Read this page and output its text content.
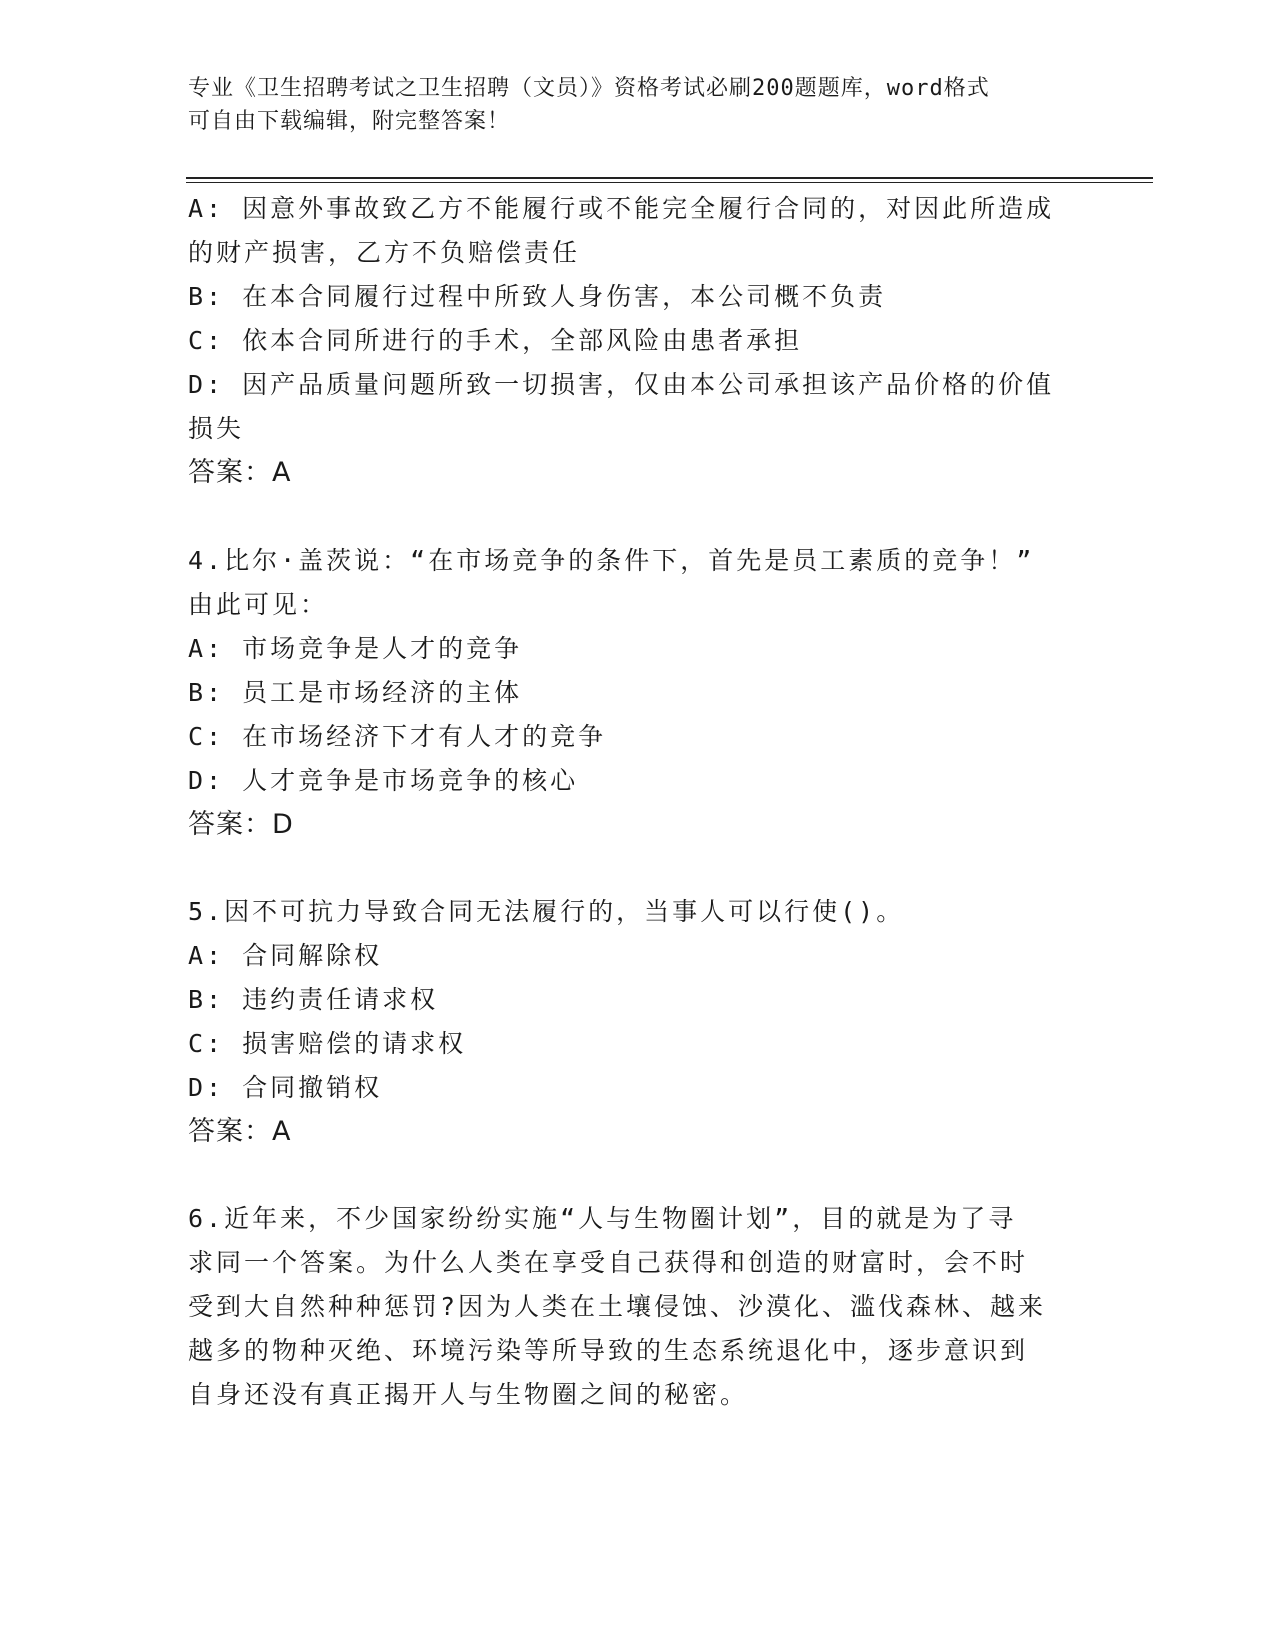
专业《卫生招聘考试之卫生招聘（文员）》资格考试必刷200题题库，word格式
可自由下载编辑，附完整答案！
A: 因意外事故致乙方不能履行或不能完全履行合同的，对因此所造成
的财产损害，乙方不负赔偿责任
B: 在本合同履行过程中所致人身伤害，本公司概不负责
C: 依本合同所进行的手术，全部风险由患者承担
D: 因产品质量问题所致一切损害，仅由本公司承担该产品价格的价值
损失
答案：A
4.比尔·盖茨说：“在市场竞争的条件下，首先是员工素质的竞争！”
由此可见：
A: 市场竞争是人才的竞争
B: 员工是市场经济的主体
C: 在市场经济下才有人才的竞争
D: 人才竞争是市场竞争的核心
答案：D
5.因不可抗力导致合同无法履行的，当事人可以行使()。
A: 合同解除权
B: 违约责任请求权
C: 损害赔偿的请求权
D: 合同撤销权
答案：A
6.近年来，不少国家纷纷实施“人与生物圈计划”，目的就是为了寻
求同一个答案。为什么人类在享受自己获得和创造的财富时，会不时
受到大自然种种惩罚?因为人类在土壤侵蚀、沙漠化、滥伐森林、越来
越多的物种灭绝、环境污染等所导致的生态系统退化中，逐步意识到
自身还没有真正揭开人与生物圈之间的秘密。
